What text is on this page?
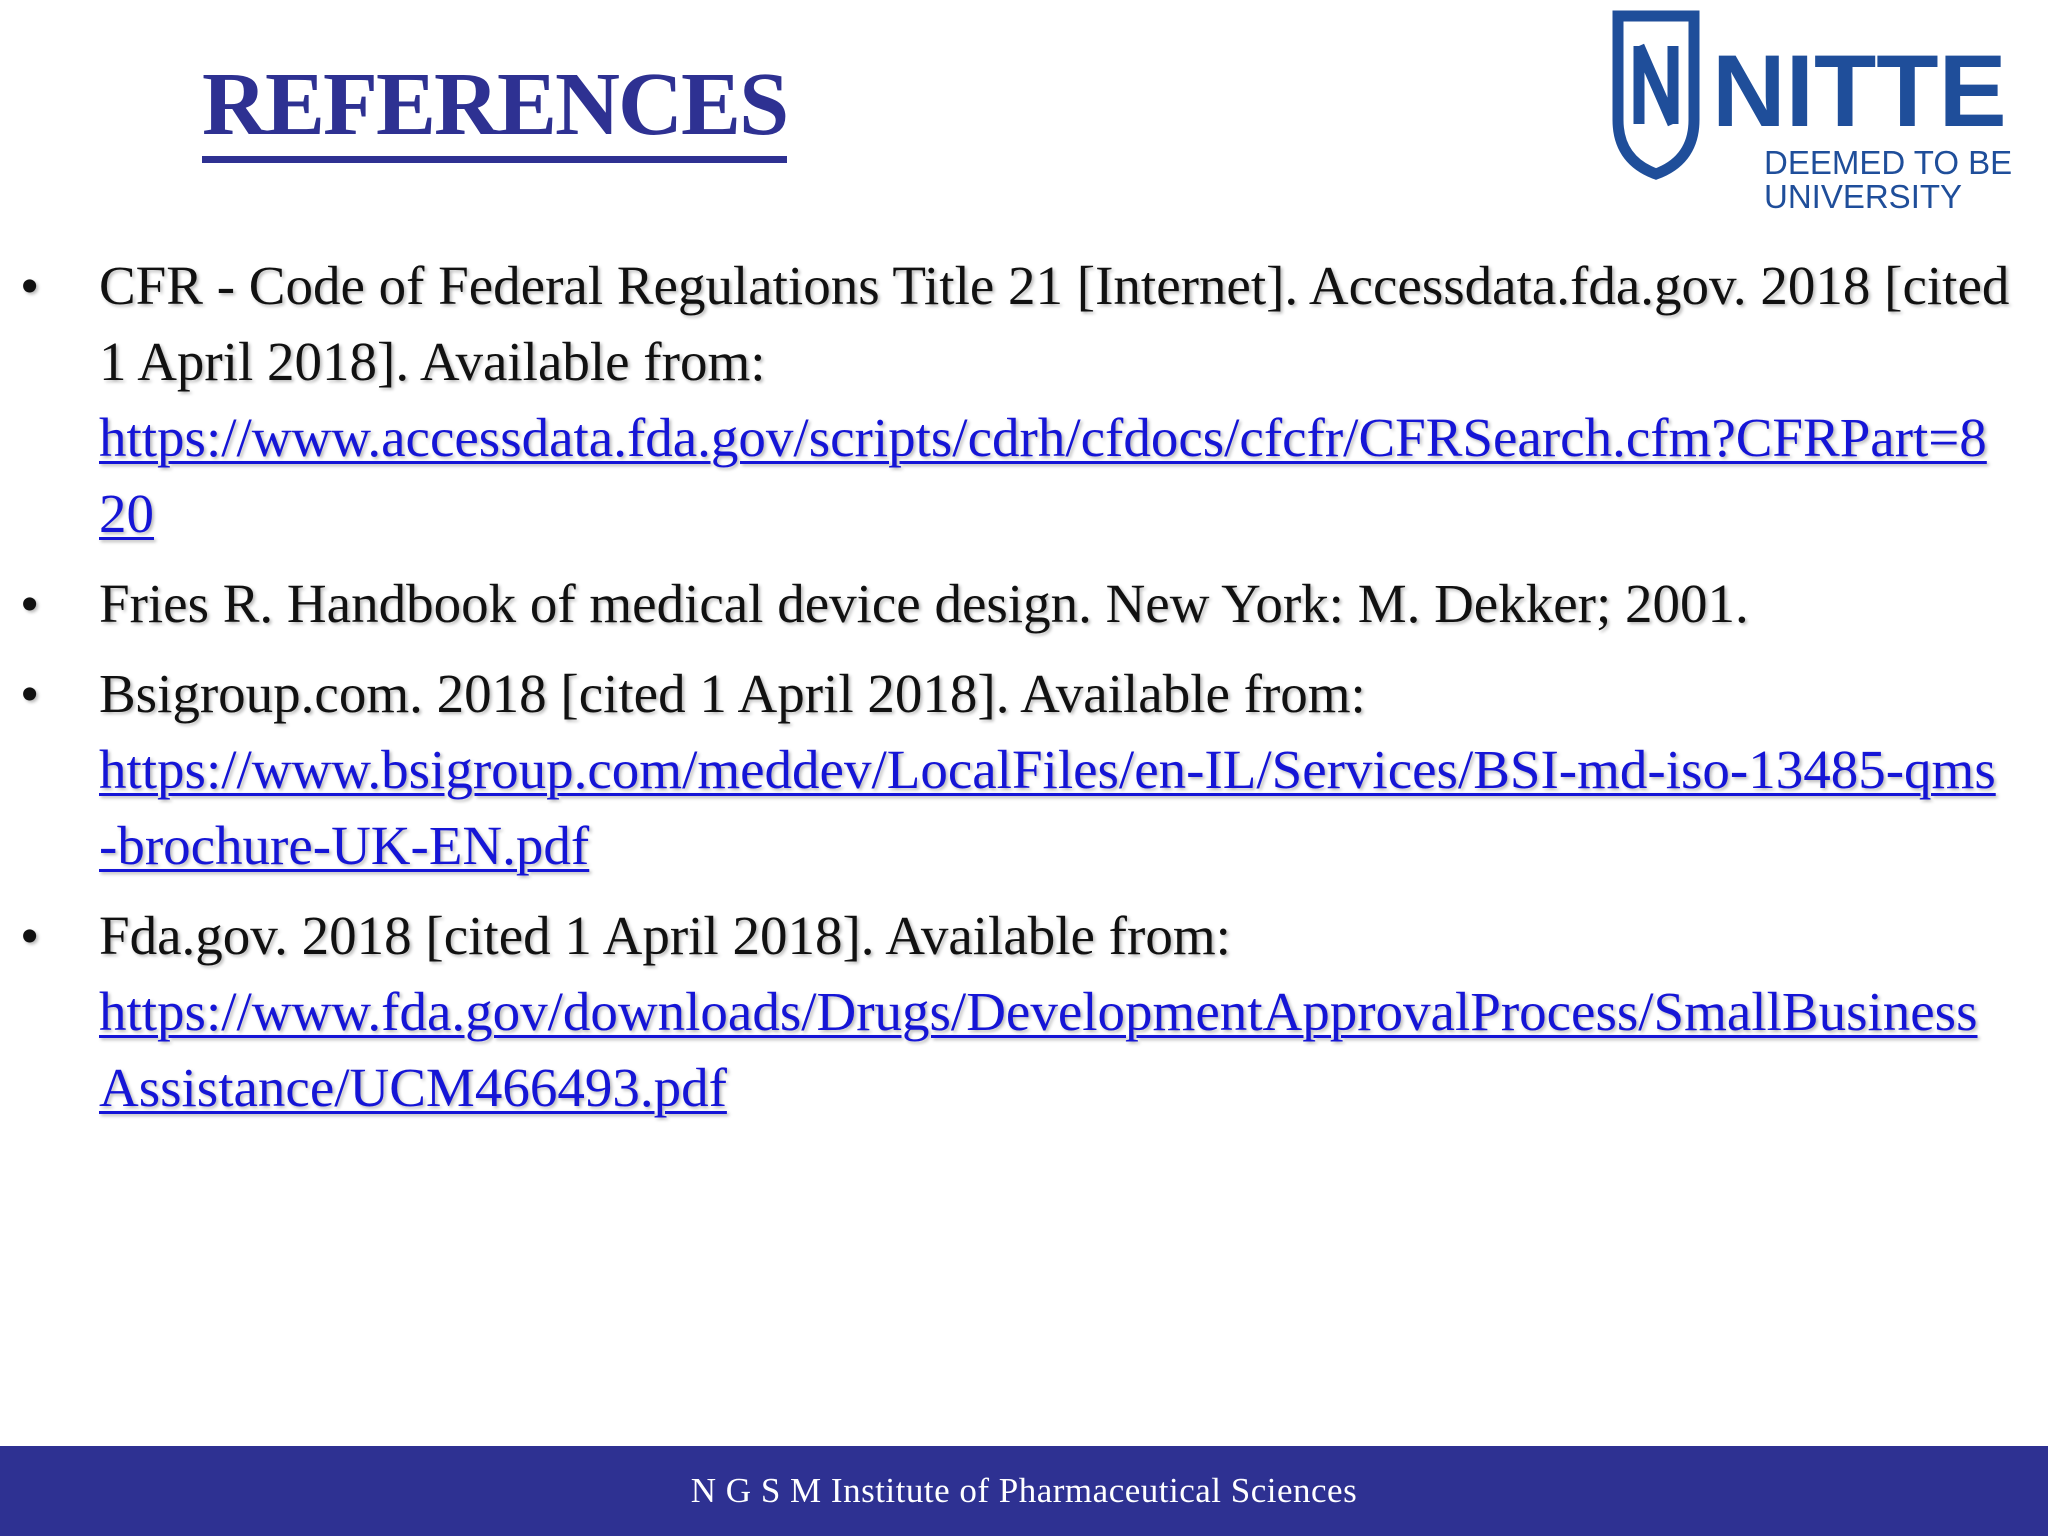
REFERENCES	NITTE
DEEMED TO BE
UNIVERSITY
• CFR - Code of Federal Regulations Title 21 [Internet]. Accessdata.fda.gov. 2018 [cited 1 April 2018]. Available from:
https://www.accessdata.fda.gov/scripts/cdrh/cfdocs/cfcfr/CFRSearch.cfm?CFRPart=820
• Fries R. Handbook of medical device design. New York: M. Dekker; 2001.
• Bsigroup.com. 2018 [cited 1 April 2018]. Available from:
https://www.bsigroup.com/meddev/LocalFiles/en-IL/Services/BSI-md-iso-13485-qms-brochure-UK-EN.pdf
• Fda.gov. 2018 [cited 1 April 2018]. Available from:
https://www.fda.gov/downloads/Drugs/DevelopmentApprovalProcess/SmallBusinessAssistance/UCM466493.pdf
N G S M Institute of Pharmaceutical Sciences
